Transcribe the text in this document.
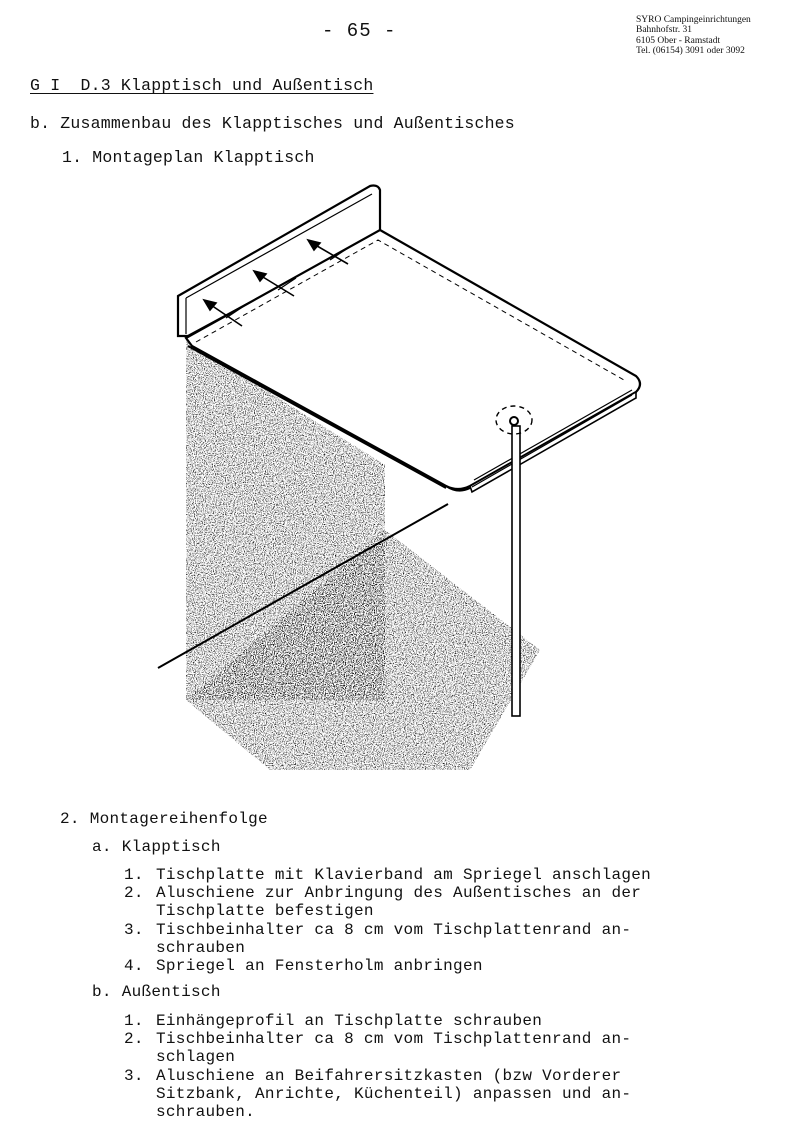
- 65 -	SYRO Campingeinrichtungen
Bahnhofstr. 31
6105 Ober - Ramstadt
Tel. (06154) 3091 oder 3092
G I  D.3 Klapptisch und Außentisch
b. Zusammenbau des Klapptisches und Außentisches
1. Montageplan Klapptisch
2. Montagereihenfolge
a. Klapptisch
1. Tischplatte mit Klavierband am Spriegel anschlagen
2. Aluschiene zur Anbringung des Außentisches an der
Tischplatte befestigen
3. Tischbeinhalter ca 8 cm vom Tischplattenrand an-
schrauben
4. Spriegel an Fensterholm anbringen
b. Außentisch
1. Einhängeprofil an Tischplatte schrauben
2. Tischbeinhalter ca 8 cm vom Tischplattenrand an-
schlagen
3. Aluschiene an Beifahrersitzkasten (bzw Vorderer
Sitzbank, Anrichte, Küchenteil) anpassen und an-
schrauben.
